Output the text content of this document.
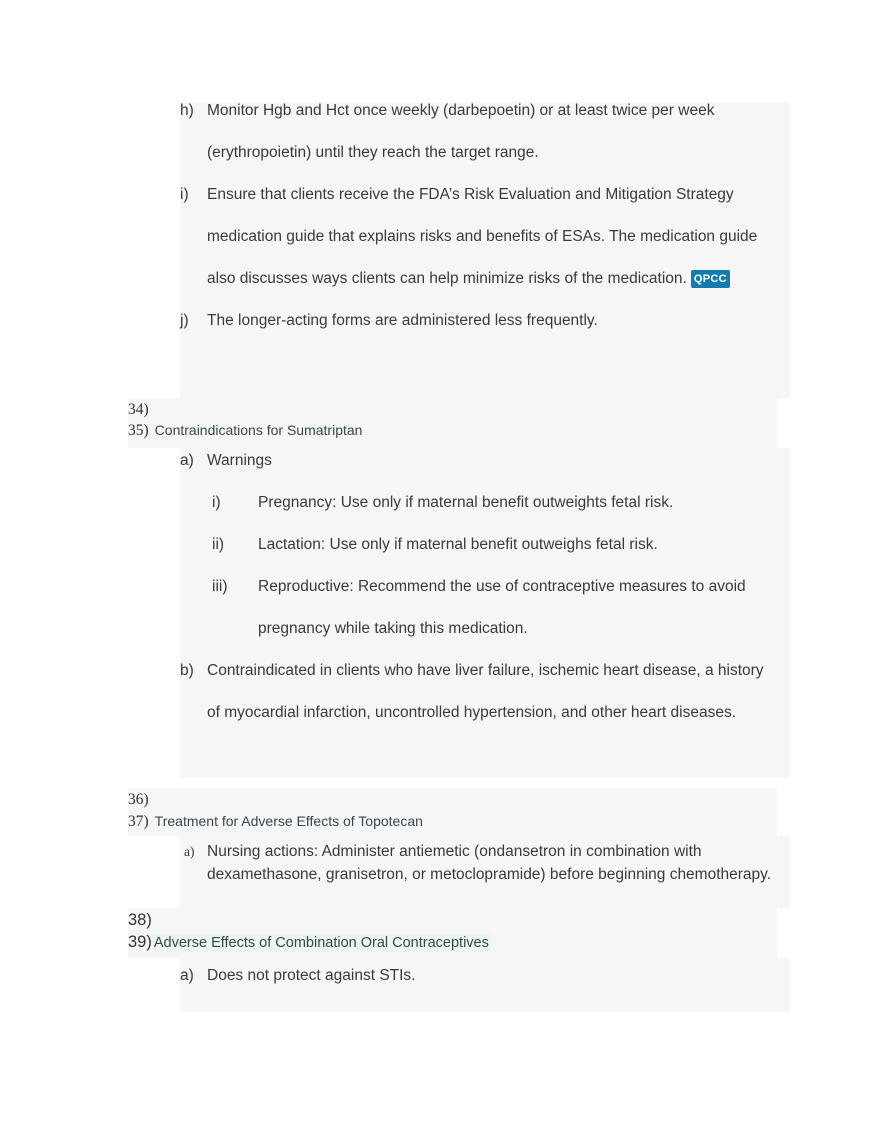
h) Monitor Hgb and Hct once weekly (darbepoetin) or at least twice per week (erythropoietin) until they reach the target range.
i) Ensure that clients receive the FDA’s Risk Evaluation and Mitigation Strategy medication guide that explains risks and benefits of ESAs. The medication guide also discusses ways clients can help minimize risks of the medication. QPCC
j) The longer-acting forms are administered less frequently.
34)
35) Contraindications for Sumatriptan
a) Warnings
i) Pregnancy: Use only if maternal benefit outweights fetal risk.
ii) Lactation: Use only if maternal benefit outweighs fetal risk.
iii) Reproductive: Recommend the use of contraceptive measures to avoid pregnancy while taking this medication.
b) Contraindicated in clients who have liver failure, ischemic heart disease, a history of myocardial infarction, uncontrolled hypertension, and other heart diseases.
36)
37) Treatment for Adverse Effects of Topotecan
a) Nursing actions: Administer antiemetic (ondansetron in combination with dexamethasone, granisetron, or metoclopramide) before beginning chemotherapy.
38)
39) Adverse Effects of Combination Oral Contraceptives
a) Does not protect against STIs.
